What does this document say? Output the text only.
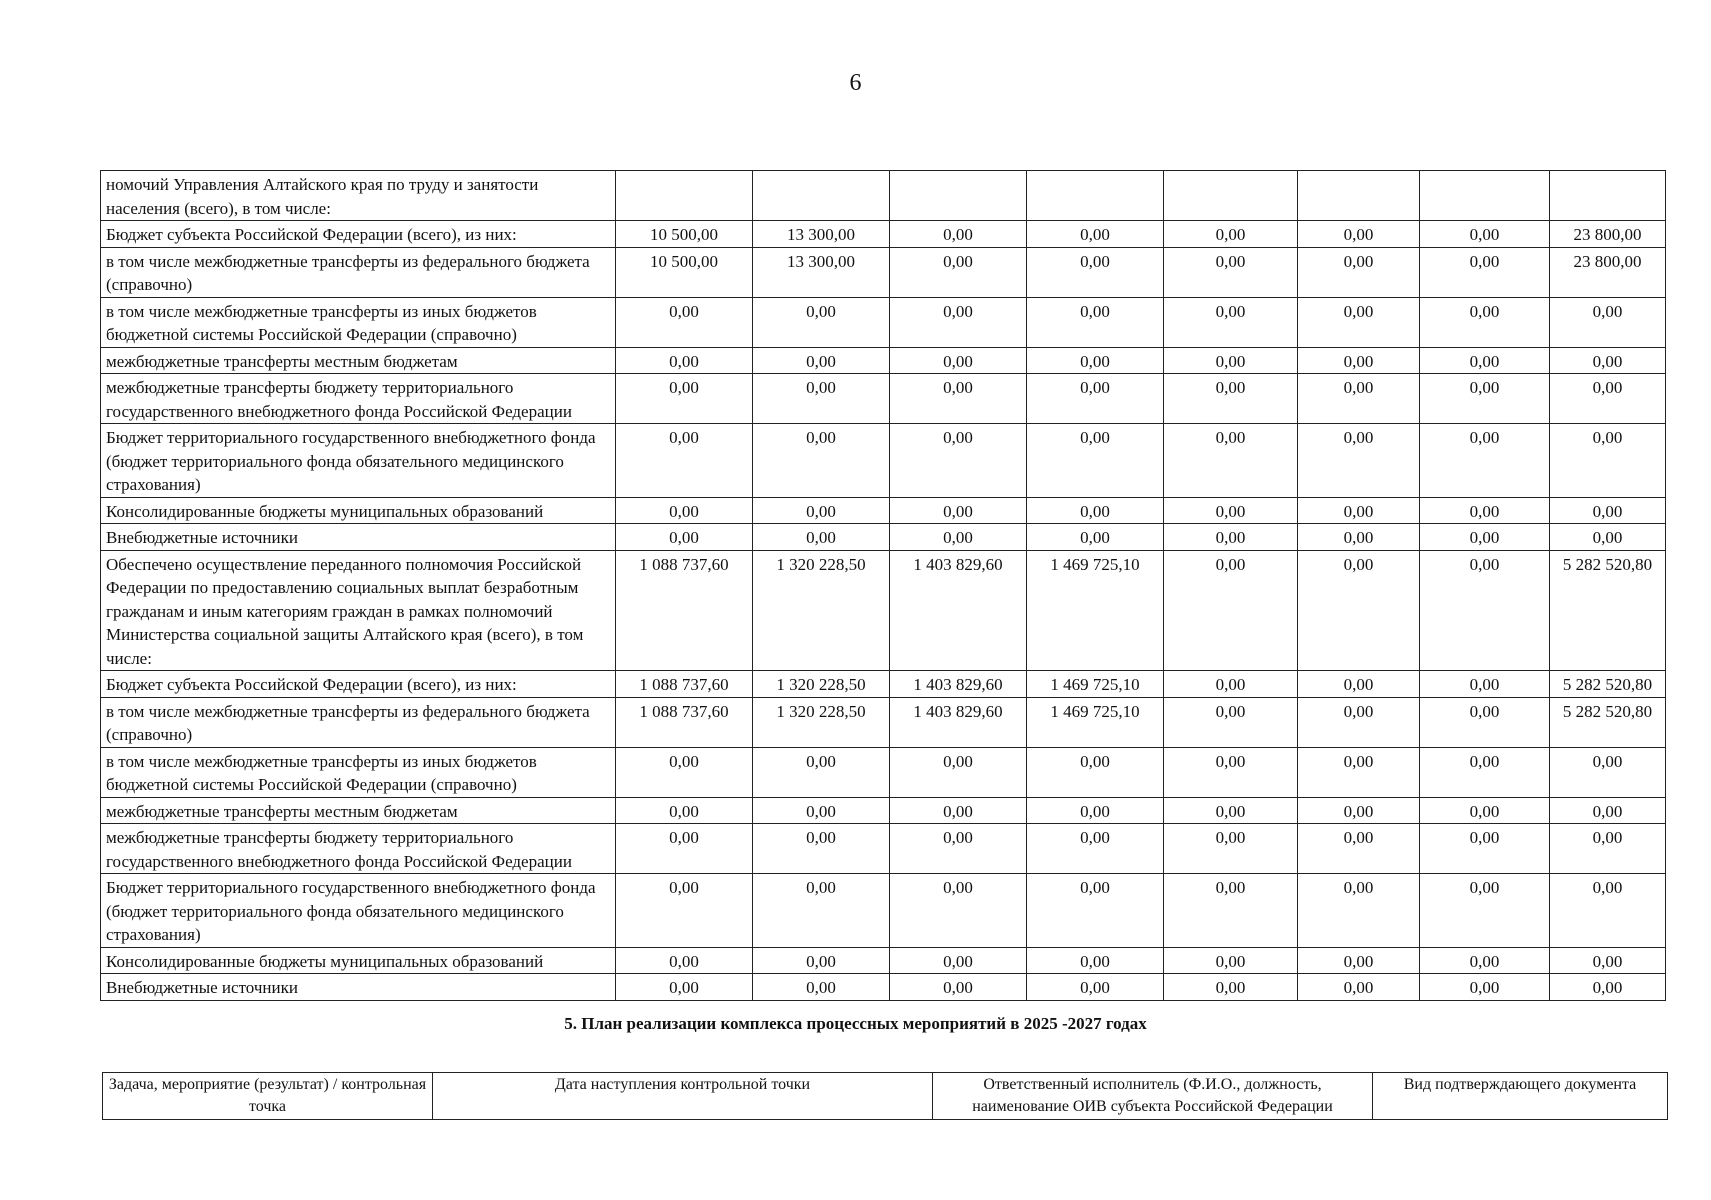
6
номочий Управления Алтайского края по труду и занятости населения (всего), в том числе:								
Бюджет субъекта Российской Федерации (всего), из них:	10 500,00	13 300,00	0,00	0,00	0,00	0,00	0,00	23 800,00
в том числе межбюджетные трансферты из федерального бюджета (справочно)	10 500,00	13 300,00	0,00	0,00	0,00	0,00	0,00	23 800,00
в том числе межбюджетные трансферты из иных бюджетов бюджетной системы Российской Федерации (справочно)	0,00	0,00	0,00	0,00	0,00	0,00	0,00	0,00
межбюджетные трансферты местным бюджетам	0,00	0,00	0,00	0,00	0,00	0,00	0,00	0,00
межбюджетные трансферты бюджету территориального государственного внебюджетного фонда Российской Федерации	0,00	0,00	0,00	0,00	0,00	0,00	0,00	0,00
Бюджет территориального государственного внебюджетного фонда (бюджет территориального фонда обязательного медицинского страхования)	0,00	0,00	0,00	0,00	0,00	0,00	0,00	0,00
Консолидированные бюджеты муниципальных образований	0,00	0,00	0,00	0,00	0,00	0,00	0,00	0,00
Внебюджетные источники	0,00	0,00	0,00	0,00	0,00	0,00	0,00	0,00
Обеспечено осуществление переданного полномочия Российской Федерации по предоставлению социальных выплат безработным гражданам и иным категориям граждан в рамках полномочий Министерства социальной защиты Алтайского края (всего), в том числе:	1 088 737,60	1 320 228,50	1 403 829,60	1 469 725,10	0,00	0,00	0,00	5 282 520,80
Бюджет субъекта Российской Федерации (всего), из них:	1 088 737,60	1 320 228,50	1 403 829,60	1 469 725,10	0,00	0,00	0,00	5 282 520,80
в том числе межбюджетные трансферты из федерального бюджета (справочно)	1 088 737,60	1 320 228,50	1 403 829,60	1 469 725,10	0,00	0,00	0,00	5 282 520,80
в том числе межбюджетные трансферты из иных бюджетов бюджетной системы Российской Федерации (справочно)	0,00	0,00	0,00	0,00	0,00	0,00	0,00	0,00
межбюджетные трансферты местным бюджетам	0,00	0,00	0,00	0,00	0,00	0,00	0,00	0,00
межбюджетные трансферты бюджету территориального государственного внебюджетного фонда Российской Федерации	0,00	0,00	0,00	0,00	0,00	0,00	0,00	0,00
Бюджет территориального государственного внебюджетного фонда (бюджет территориального фонда обязательного медицинского страхования)	0,00	0,00	0,00	0,00	0,00	0,00	0,00	0,00
Консолидированные бюджеты муниципальных образований	0,00	0,00	0,00	0,00	0,00	0,00	0,00	0,00
Внебюджетные источники	0,00	0,00	0,00	0,00	0,00	0,00	0,00	0,00
5. План реализации комплекса процессных мероприятий в 2025 -2027 годах
Задача, мероприятие (результат) / контрольная точка	Дата наступления контрольной точки	Ответственный исполнитель (Ф.И.О., должность, наименование ОИВ субъекта Российской Федерации	Вид подтверждающего документа
